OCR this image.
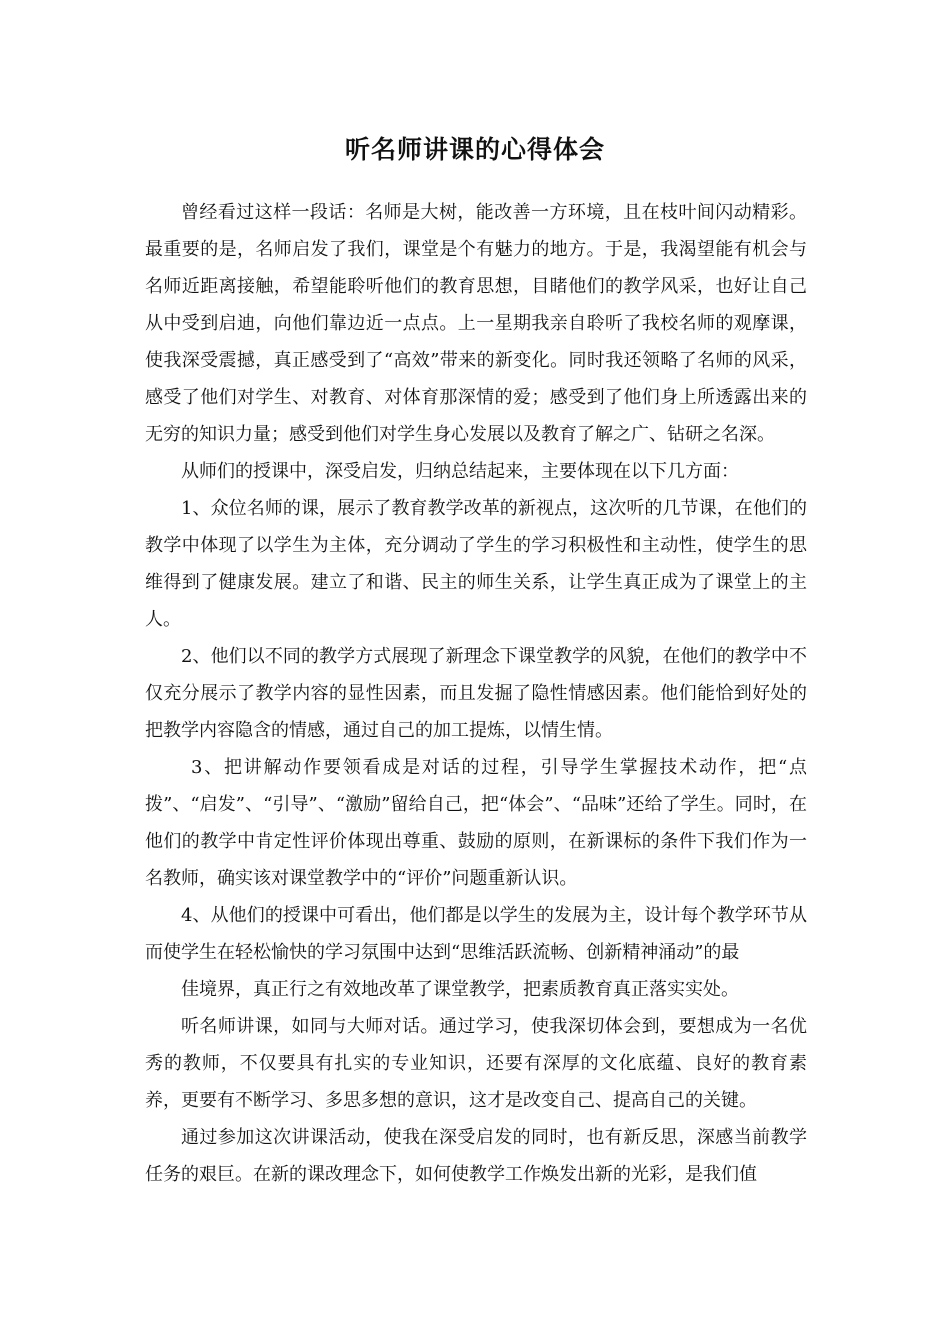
听名师讲课的心得体会

曾经看过这样一段话：名师是大树，能改善一方环境，且在枝叶间闪动精彩。最重要的是，名师启发了我们，课堂是个有魅力的地方。于是，我渴望能有机会与名师近距离接触，希望能聆听他们的教育思想，目睹他们的教学风采，也好让自己从中受到启迪，向他们靠边近一点点。上一星期我亲自聆听了我校名师的观摩课，使我深受震撼，真正感受到了“高效”带来的新变化。同时我还领略了名师的风采，感受了他们对学生、对教育、对体育那深情的爱；感受到了他们身上所透露出来的无穷的知识力量；感受到他们对学生身心发展以及教育了解之广、钻研之名深。

从师们的授课中，深受启发，归纳总结起来，主要体现在以下几方面：

1、众位名师的课，展示了教育教学改革的新视点，这次听的几节课，在他们的教学中体现了以学生为主体，充分调动了学生的学习积极性和主动性，使学生的思维得到了健康发展。建立了和谐、民主的师生关系，让学生真正成为了课堂上的主人。

2、他们以不同的教学方式展现了新理念下课堂教学的风貌，在他们的教学中不仅充分展示了教学内容的显性因素，而且发掘了隐性情感因素。他们能恰到好处的把教学内容隐含的情感，通过自己的加工提炼，以情生情。

3、把讲解动作要领看成是对话的过程，引导学生掌握技术动作，把“点拨”、“启发”、“引导”、“激励”留给自己，把“体会”、“品味”还给了学生。同时，在他们的教学中肯定性评价体现出尊重、鼓励的原则，在新课标的条件下我们作为一名教师，确实该对课堂教学中的“评价”问题重新认识。

4、从他们的授课中可看出，他们都是以学生的发展为主，设计每个教学环节从而使学生在轻松愉快的学习氛围中达到“思维活跃流畅、创新精神涌动”的最

佳境界，真正行之有效地改革了课堂教学，把素质教育真正落实实处。

听名师讲课，如同与大师对话。通过学习，使我深切体会到，要想成为一名优秀的教师，不仅要具有扎实的专业知识，还要有深厚的文化底蕴、良好的教育素养，更要有不断学习、多思多想的意识，这才是改变自己、提高自己的关键。

通过参加这次讲课活动，使我在深受启发的同时，也有新反思，深感当前教学任务的艰巨。在新的课改理念下，如何使教学工作焕发出新的光彩，是我们值
